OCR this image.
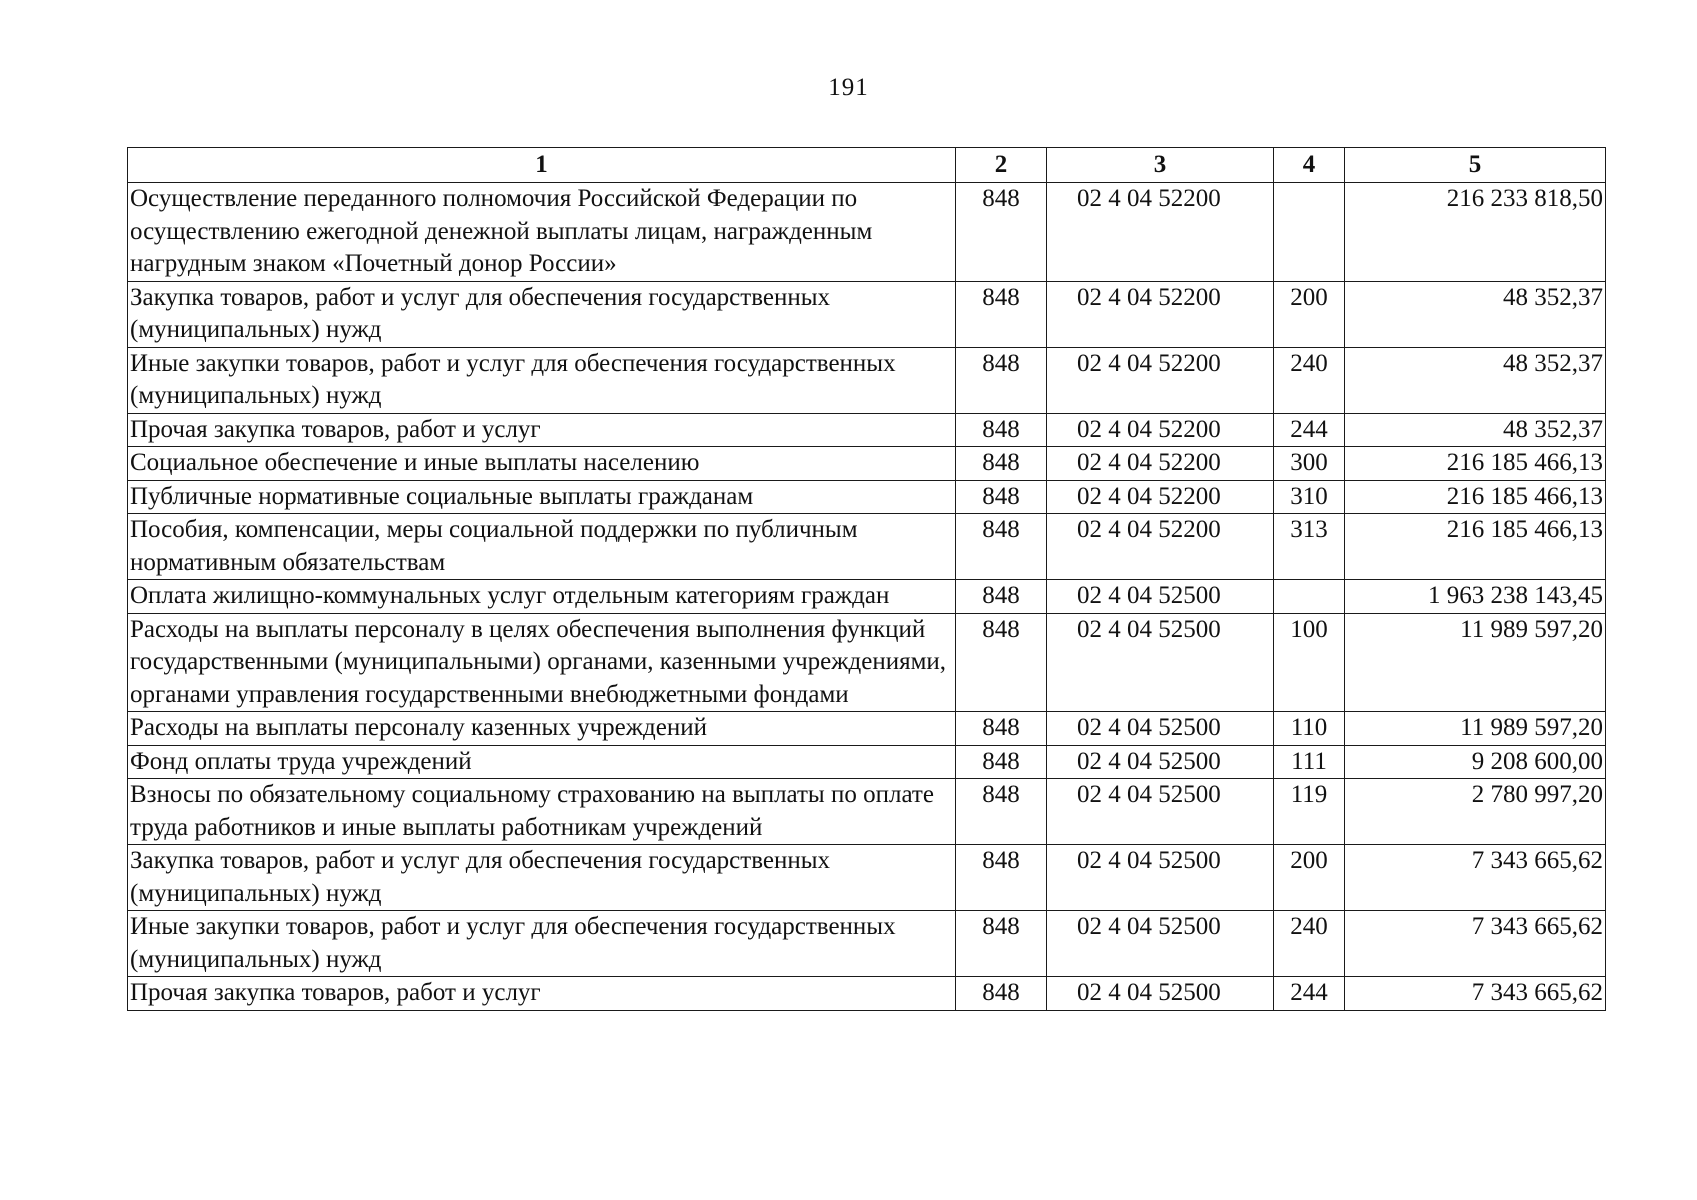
191
1	2	3	4	5
Осуществление переданного полномочия Российской Федерации по осуществлению ежегодной денежной выплаты лицам, награжденным нагрудным знаком «Почетный донор России»	848	02 4 04 52200		216 233 818,50
Закупка товаров, работ и услуг для обеспечения государственных (муниципальных) нужд	848	02 4 04 52200	200	48 352,37
Иные закупки товаров, работ и услуг для обеспечения государственных (муниципальных) нужд	848	02 4 04 52200	240	48 352,37
Прочая закупка товаров, работ и услуг	848	02 4 04 52200	244	48 352,37
Социальное обеспечение и иные выплаты населению	848	02 4 04 52200	300	216 185 466,13
Публичные нормативные социальные выплаты гражданам	848	02 4 04 52200	310	216 185 466,13
Пособия, компенсации, меры социальной поддержки по публичным нормативным обязательствам	848	02 4 04 52200	313	216 185 466,13
Оплата жилищно-коммунальных услуг отдельным категориям граждан	848	02 4 04 52500		1 963 238 143,45
Расходы на выплаты персоналу в целях обеспечения выполнения функций государственными (муниципальными) органами, казенными учреждениями, органами управления государственными внебюджетными фондами	848	02 4 04 52500	100	11 989 597,20
Расходы на выплаты персоналу казенных учреждений	848	02 4 04 52500	110	11 989 597,20
Фонд оплаты труда учреждений	848	02 4 04 52500	111	9 208 600,00
Взносы по обязательному социальному страхованию на выплаты по оплате труда работников и иные выплаты работникам учреждений	848	02 4 04 52500	119	2 780 997,20
Закупка товаров, работ и услуг для обеспечения государственных (муниципальных) нужд	848	02 4 04 52500	200	7 343 665,62
Иные закупки товаров, работ и услуг для обеспечения государственных (муниципальных) нужд	848	02 4 04 52500	240	7 343 665,62
Прочая закупка товаров, работ и услуг	848	02 4 04 52500	244	7 343 665,62
